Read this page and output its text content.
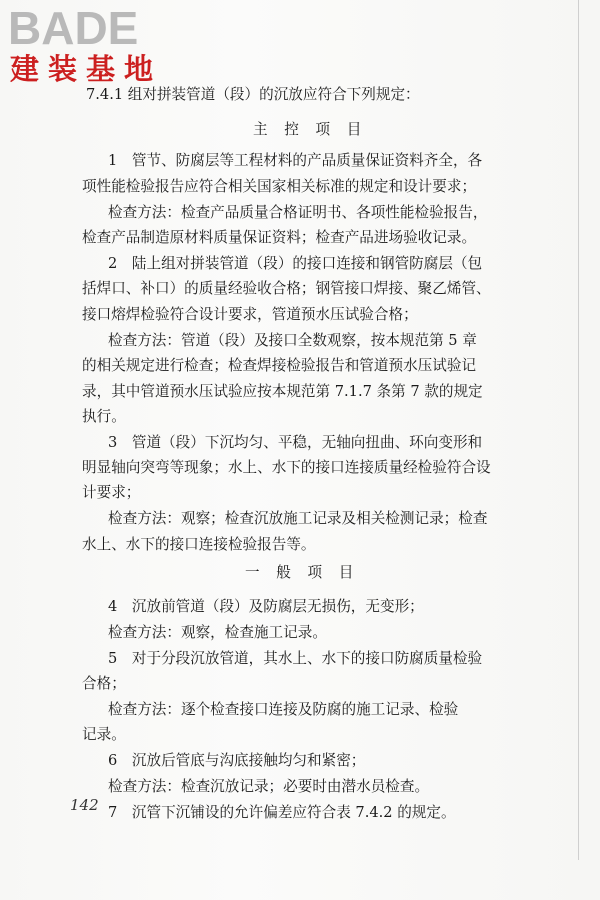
BADE
建装基地
7.4.1 组对拼装管道（段）的沉放应符合下列规定：
主 控 项 目
1　管节、防腐层等工程材料的产品质量保证资料齐全，各
项性能检验报告应符合相关国家相关标准的规定和设计要求；
检查方法：检查产品质量合格证明书、各项性能检验报告，
检查产品制造原材料质量保证资料；检查产品进场验收记录。
2　陆上组对拼装管道（段）的接口连接和钢管防腐层（包
括焊口、补口）的质量经验收合格；钢管接口焊接、聚乙烯管、
接口熔焊检验符合设计要求，管道预水压试验合格；
检查方法：管道（段）及接口全数观察，按本规范第 5 章
的相关规定进行检查；检查焊接检验报告和管道预水压试验记
录，其中管道预水压试验应按本规范第 7.1.7 条第 7 款的规定
执行。
3　管道（段）下沉均匀、平稳，无轴向扭曲、环向变形和
明显轴向突弯等现象；水上、水下的接口连接质量经检验符合设
计要求；
检查方法：观察；检查沉放施工记录及相关检测记录；检查
水上、水下的接口连接检验报告等。
一 般 项 目
4　沉放前管道（段）及防腐层无损伤，无变形；
检查方法：观察，检查施工记录。
5　对于分段沉放管道，其水上、水下的接口防腐质量检验
合格；
检查方法：逐个检查接口连接及防腐的施工记录、检验
记录。
6　沉放后管底与沟底接触均匀和紧密；
检查方法：检查沉放记录；必要时由潜水员检查。
7　沉管下沉铺设的允许偏差应符合表 7.4.2 的规定。
142
